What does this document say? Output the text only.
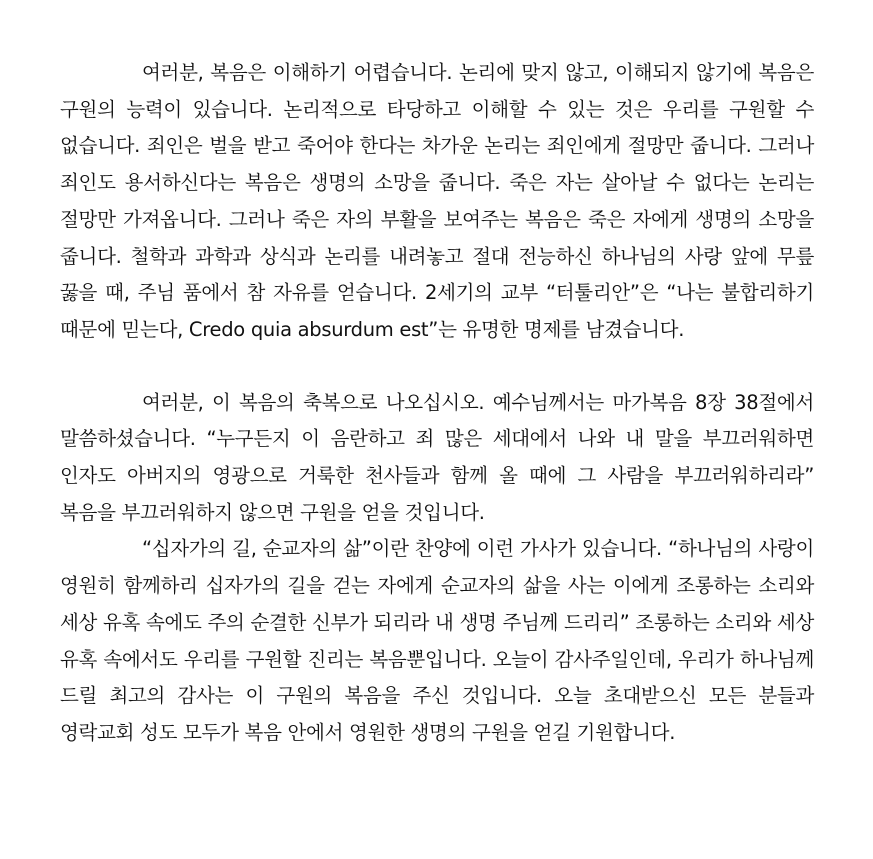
여러분, 복음은 이해하기 어렵습니다. 논리에 맞지 않고, 이해되지 않기에 복음은 구원의 능력이 있습니다. 논리적으로 타당하고 이해할 수 있는 것은 우리를 구원할 수 없습니다. 죄인은 벌을 받고 죽어야 한다는 차가운 논리는 죄인에게 절망만 줍니다. 그러나 죄인도 용서하신다는 복음은 생명의 소망을 줍니다. 죽은 자는 살아날 수 없다는 논리는 절망만 가져옵니다. 그러나 죽은 자의 부활을 보여주는 복음은 죽은 자에게 생명의 소망을 줍니다. 철학과 과학과 상식과 논리를 내려놓고 절대 전능하신 하나님의 사랑 앞에 무릎 꿇을 때, 주님 품에서 참 자유를 얻습니다. 2세기의 교부 “터툴리안”은 “나는 불합리하기 때문에 믿는다, Credo quia absurdum est”는 유명한 명제를 남겼습니다.

여러분, 이 복음의 축복으로 나오십시오. 예수님께서는 마가복음 8장 38절에서 말씀하셨습니다. “누구든지 이 음란하고 죄 많은 세대에서 나와 내 말을 부끄러워하면 인자도 아버지의 영광으로 거룩한 천사들과 함께 올 때에 그 사람을 부끄러워하리라” 복음을 부끄러워하지 않으면 구원을 얻을 것입니다.

“십자가의 길, 순교자의 삶”이란 찬양에 이런 가사가 있습니다. “하나님의 사랑이 영원히 함께하리 십자가의 길을 걷는 자에게 순교자의 삶을 사는 이에게 조롱하는 소리와 세상 유혹 속에도 주의 순결한 신부가 되리라 내 생명 주님께 드리리” 조롱하는 소리와 세상 유혹 속에서도 우리를 구원할 진리는 복음뿐입니다. 오늘이 감사주일인데, 우리가 하나님께 드릴 최고의 감사는 이 구원의 복음을 주신 것입니다. 오늘 초대받으신 모든 분들과 영락교회 성도 모두가 복음 안에서 영원한 생명의 구원을 얻길 기원합니다.
